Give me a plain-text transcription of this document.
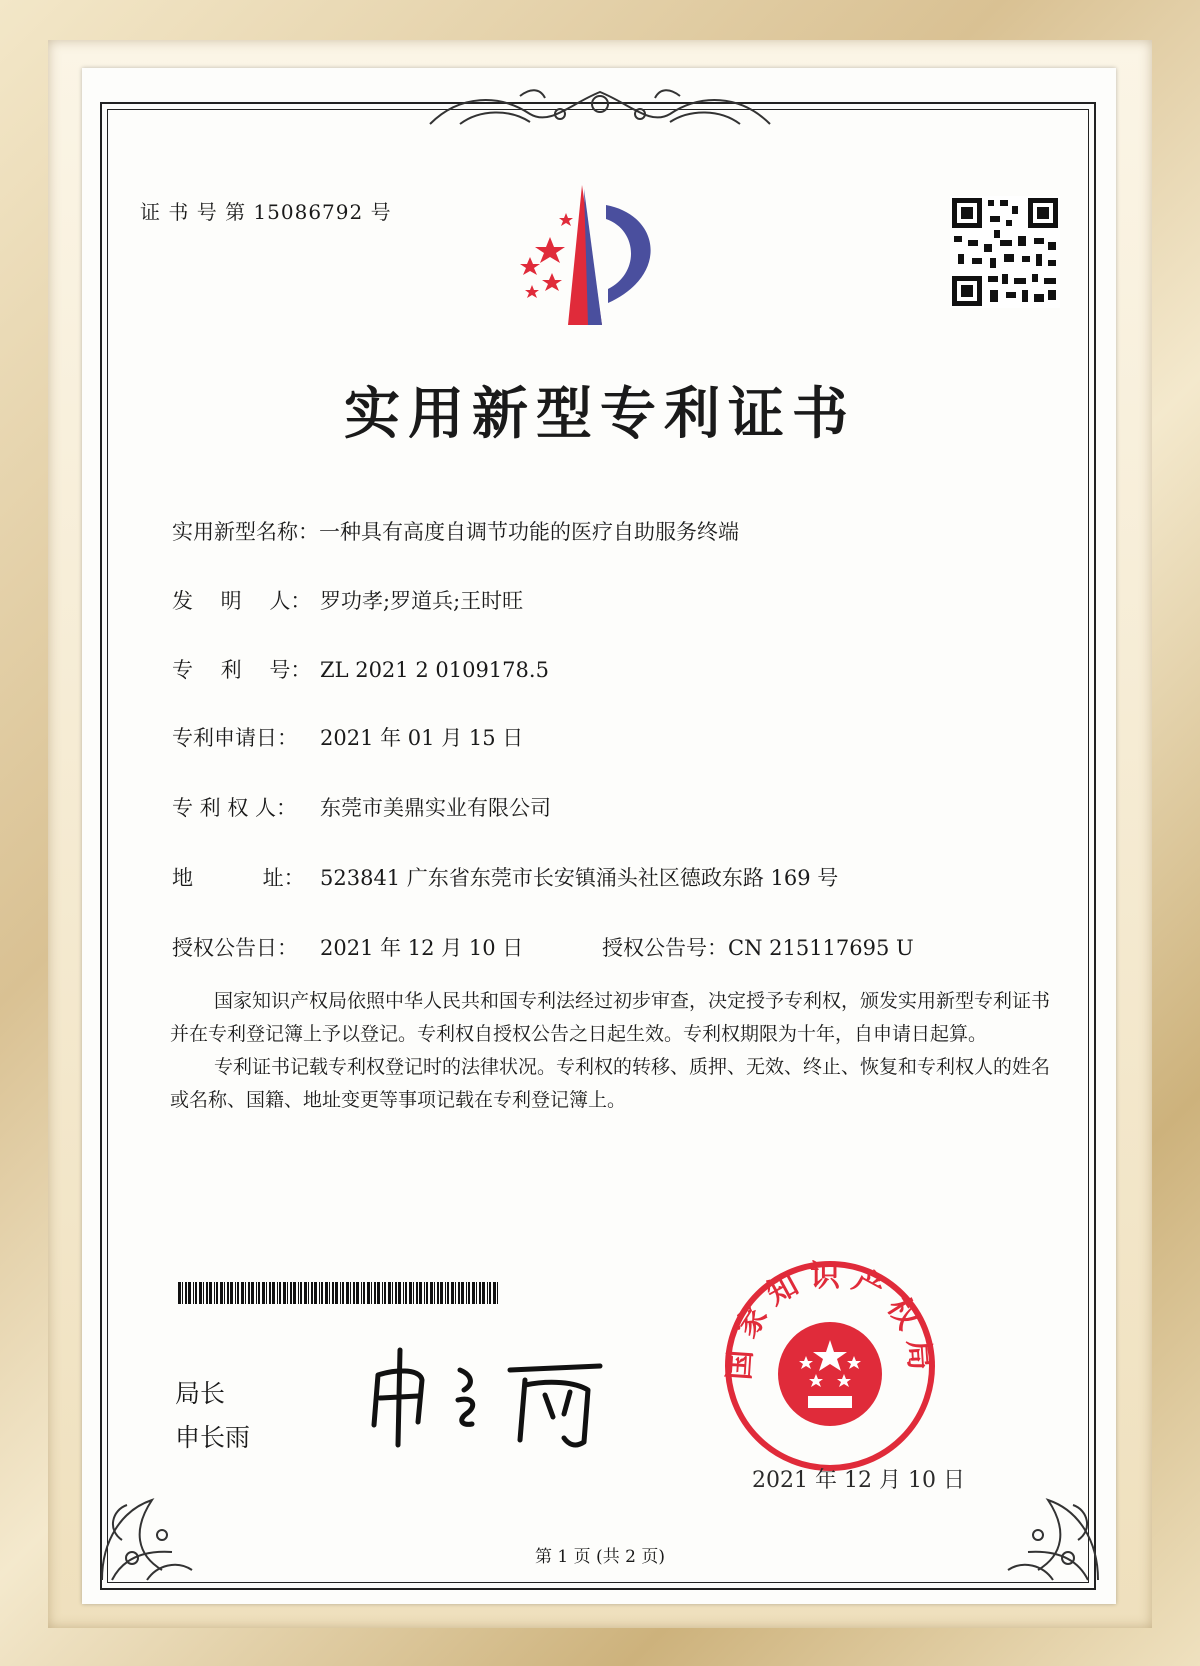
证 书 号 第 15086792 号
实用新型专利证书
实用新型名称：一种具有高度自调节功能的医疗自助服务终端
发　 明　 人： 罗功孝;罗道兵;王时旺
专　 利　 号： ZL 2021 2 0109178.5
专利申请日： 2021 年 01 月 15 日
专 利 权 人： 东莞市美鼎实业有限公司
地　　　 址： 523841 广东省东莞市长安镇涌头社区德政东路 169 号
授权公告日： 2021 年 12 月 10 日	授权公告号：CN 215117695 U

国家知识产权局依照中华人民共和国专利法经过初步审查，决定授予专利权，颁发实用新型专利证书并在专利登记簿上予以登记。专利权自授权公告之日起生效。专利权期限为十年，自申请日起算。

专利证书记载专利权登记时的法律状况。专利权的转移、质押、无效、终止、恢复和专利权人的姓名或名称、国籍、地址变更等事项记载在专利登记簿上。

局长
申长雨
国家知识产权局
2021 年 12 月 10 日
第 1 页 (共 2 页)
